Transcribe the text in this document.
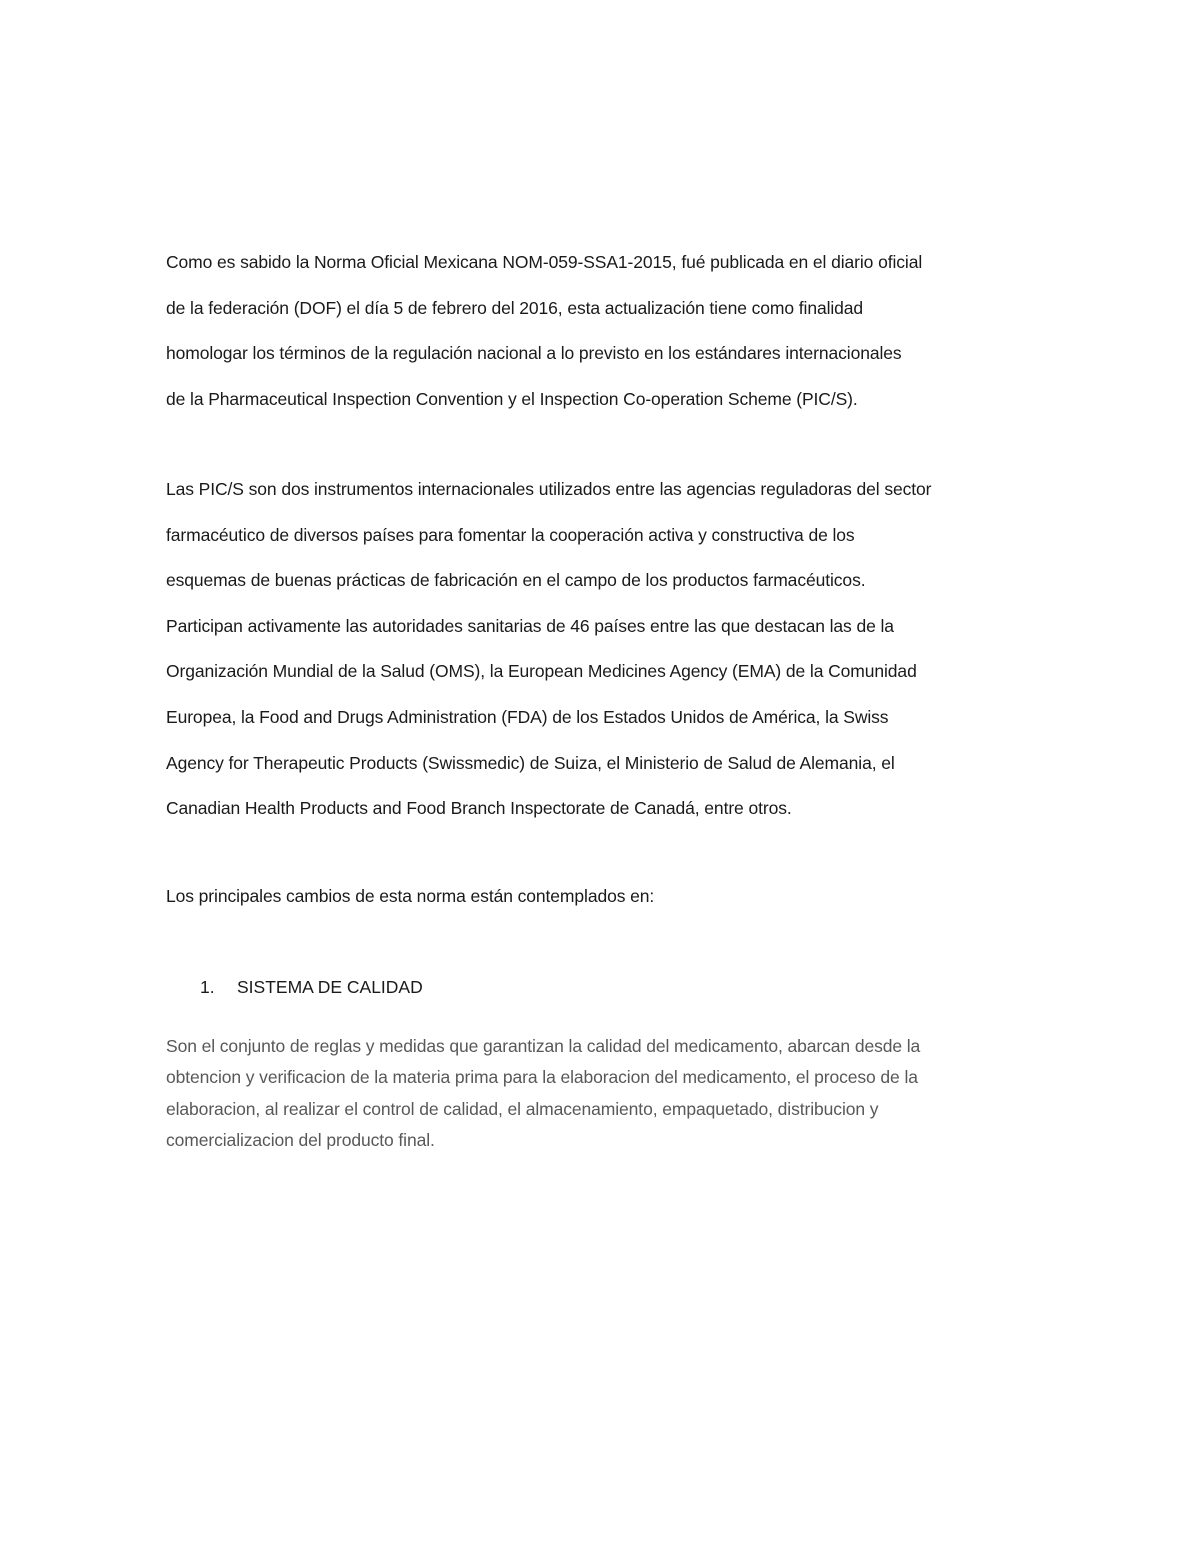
Como es sabido la Norma Oficial Mexicana NOM-059-SSA1-2015, fué publicada en el diario oficial
de la federación (DOF) el día 5 de febrero del 2016, esta actualización tiene como finalidad
homologar los términos de la regulación nacional a lo previsto en los estándares internacionales
de la Pharmaceutical Inspection Convention y el Inspection Co-operation Scheme (PIC/S).
Las PIC/S son dos instrumentos internacionales utilizados entre las agencias reguladoras del sector
farmacéutico de diversos países para fomentar la cooperación activa y constructiva de los
esquemas de buenas prácticas de fabricación en el campo de los productos farmacéuticos.
Participan activamente las autoridades sanitarias de 46 países entre las que destacan las de la
Organización Mundial de la Salud (OMS), la European Medicines Agency (EMA) de la Comunidad
Europea, la Food and Drugs Administration (FDA) de los Estados Unidos de América, la Swiss
Agency for Therapeutic Products (Swissmedic) de Suiza, el Ministerio de Salud de Alemania, el
Canadian Health Products and Food Branch Inspectorate de Canadá, entre otros.
Los principales cambios de esta norma están contemplados en:
1. SISTEMA DE CALIDAD
Son el conjunto de reglas y medidas que garantizan la calidad del medicamento, abarcan desde la
obtencion y verificacion de la materia prima para la elaboracion del medicamento, el proceso de la
elaboracion, al realizar el control de calidad, el almacenamiento, empaquetado, distribucion y
comercializacion del producto final.
